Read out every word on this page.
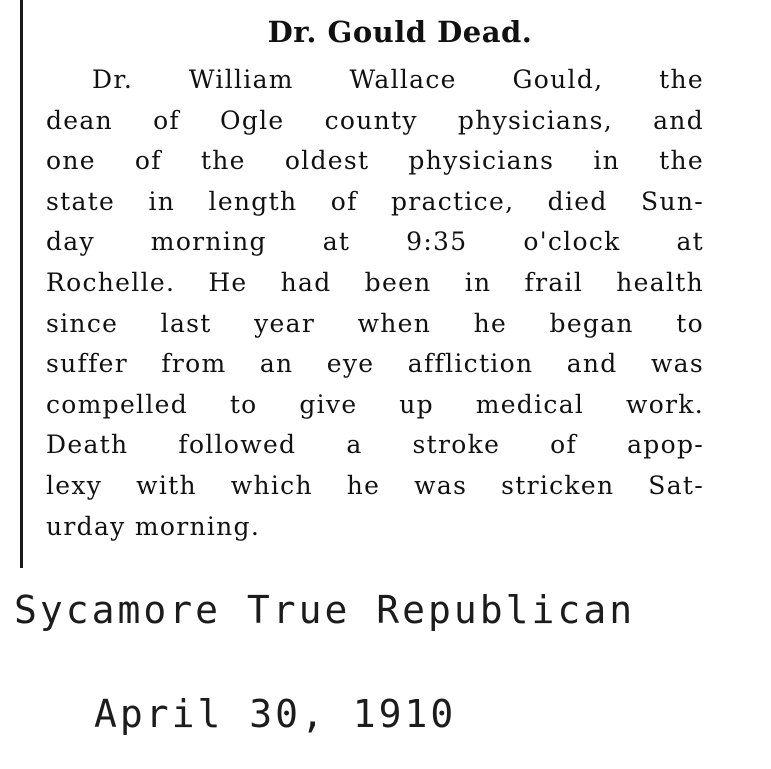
Dr. Gould Dead.
Dr. William Wallace Gould, the
dean of Ogle county physicians, and
one of the oldest physicians in the
state in length of practice, died Sun-
day morning at 9:35 o'clock at
Rochelle. He had been in frail health
since last year when he began to
suffer from an eye affliction and was
compelled to give up medical work.
Death followed a stroke of apop-
lexy with which he was stricken Sat-
urday morning.
Sycamore True Republican
April 30, 1910
